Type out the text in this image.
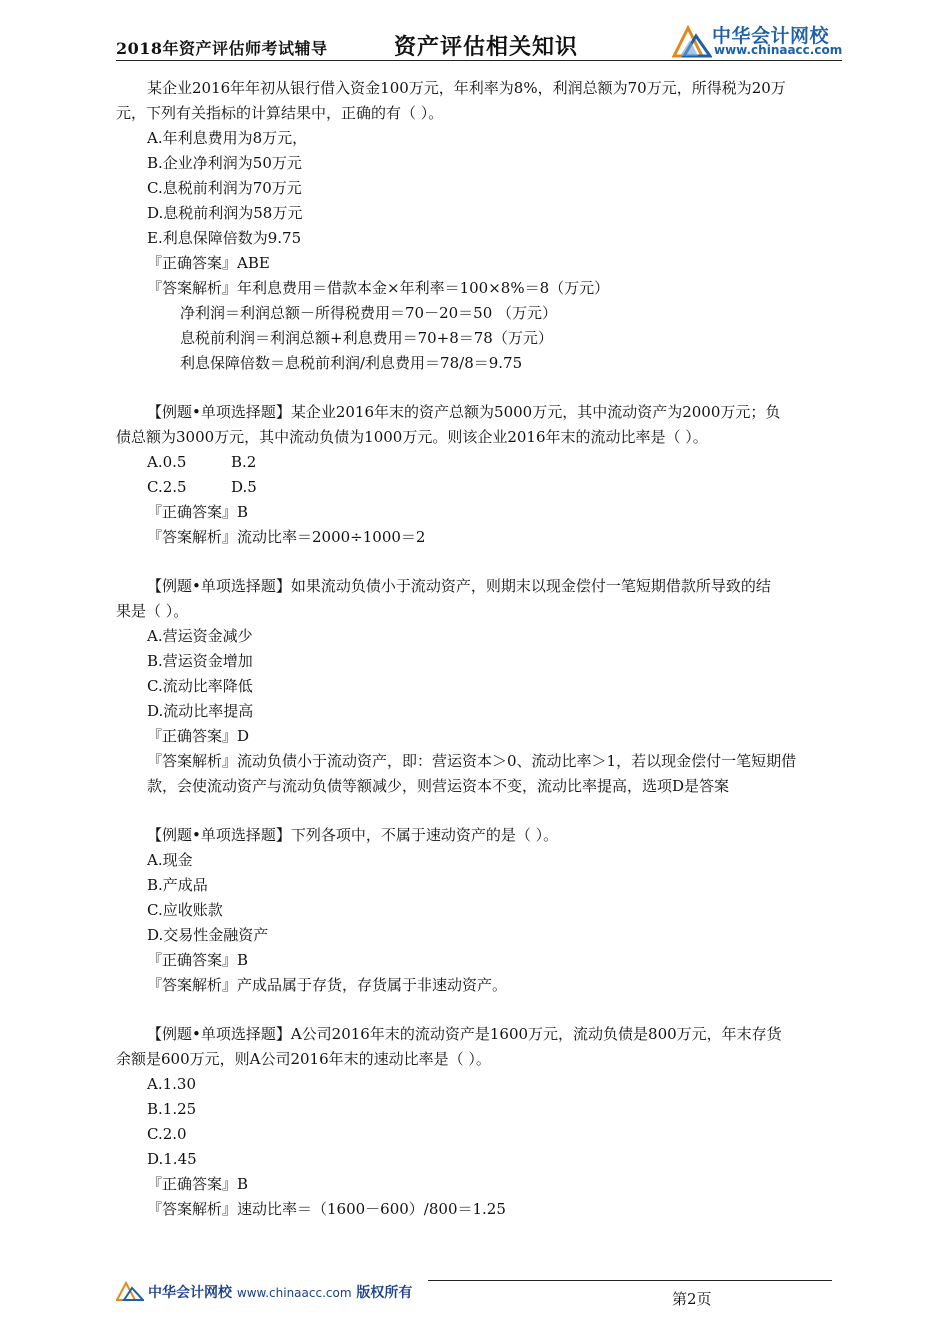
2018年资产评估师考试辅导	资产评估相关知识	中华会计网校
www.chinaacc.com
某企业2016年年初从银行借入资金100万元，年利率为8%，利润总额为70万元，所得税为20万
元，下列有关指标的计算结果中，正确的有（ ）。
A.年利息费用为8万元，
B.企业净利润为50万元
C.息税前利润为70万元
D.息税前利润为58万元
E.利息保障倍数为9.75
『正确答案』ABE
『答案解析』年利息费用＝借款本金×年利率＝100×8%＝8（万元）
净利润＝利润总额－所得税费用＝70－20＝50 （万元）
息税前利润＝利润总额+利息费用＝70+8＝78（万元）
利息保障倍数＝息税前利润/利息费用＝78/8＝9.75
【例题•单项选择题】某企业2016年末的资产总额为5000万元，其中流动资产为2000万元；负
债总额为3000万元，其中流动负债为1000万元。则该企业2016年末的流动比率是（ ）。
A.0.5	B.2
C.2.5	D.5
『正确答案』B
『答案解析』流动比率＝2000÷1000＝2
【例题•单项选择题】如果流动负债小于流动资产，则期末以现金偿付一笔短期借款所导致的结
果是（ ）。
A.营运资金减少
B.营运资金增加
C.流动比率降低
D.流动比率提高
『正确答案』D
『答案解析』流动负债小于流动资产，即：营运资本＞0、流动比率＞1，若以现金偿付一笔短期借
款，会使流动资产与流动负债等额减少，则营运资本不变，流动比率提高，选项D是答案
【例题•单项选择题】下列各项中，不属于速动资产的是（ ）。
A.现金
B.产成品
C.应收账款
D.交易性金融资产
『正确答案』B
『答案解析』产成品属于存货，存货属于非速动资产。
【例题•单项选择题】A公司2016年末的流动资产是1600万元，流动负债是800万元，年末存货
余额是600万元，则A公司2016年末的速动比率是（ ）。
A.1.30
B.1.25
C.2.0
D.1.45
『正确答案』B
『答案解析』速动比率＝（1600－600）/800＝1.25
中华会计网校 www.chinaacc.com 版权所有	第2页
